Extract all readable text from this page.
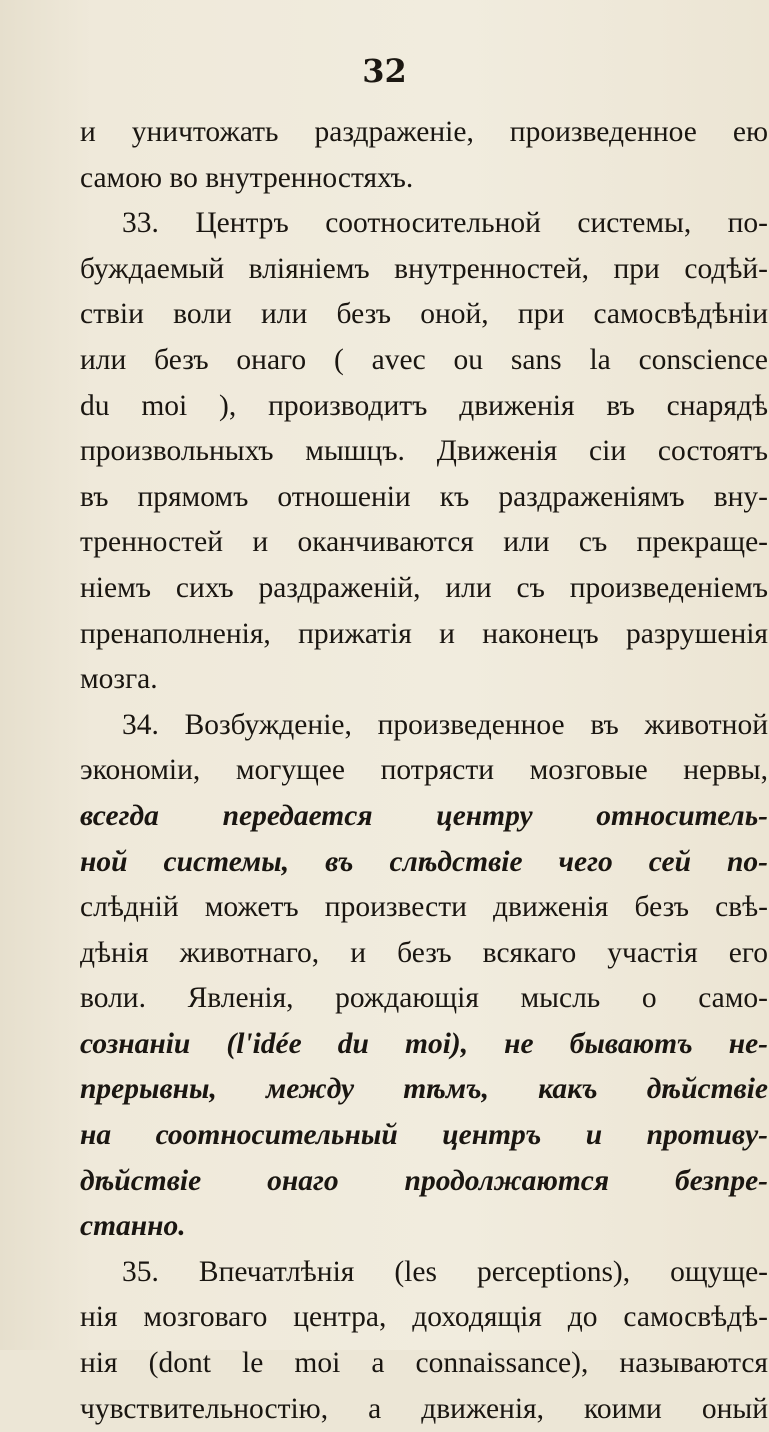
32
и уничтожать раздраженіе, произведенное ею
самою во внутренностяхъ.
33. Центръ соотносительной системы, по-
буждаемый вліяніемъ внутренностей, при содѣй-
ствіи воли или безъ оной, при самосвѣдѣніи
или безъ онаго ( avec ou sans la conscience
du moi ), производитъ движенія въ снарядѣ
произвольныхъ мышцъ. Движенія сіи состоятъ
въ прямомъ отношеніи къ раздраженіямъ вну-
тренностей и оканчиваются или съ прекраще-
ніемъ сихъ раздраженій, или съ произведеніемъ
пренаполненія, прижатія и наконецъ разрушенія
мозга.
34. Возбужденіе, произведенное въ животной
экономіи, могущее потрясти мозговые нервы,
всегда передается центру относитель-
ной системы, въ слѣдствіе чего сей по-
слѣдній можетъ произвести движенія безъ свѣ-
дѣнія животнаго, и безъ всякаго участія его
воли. Явленія, рождающія мысль о само-
сознаніи (l'idée du moi), не бываютъ не-
прерывны, между тѣмъ, какъ дѣйствіе
на соотносительный центръ и противу-
дѣйствіе онаго продолжаются безпре-
станно.
35. Впечатлѣнія (les perceptions), ощуще-
нія мозговаго центра, доходящія до самосвѣдѣ-
нія (dont le moi a connaissance), называются
чувствительностію, а движенія, коими оный
